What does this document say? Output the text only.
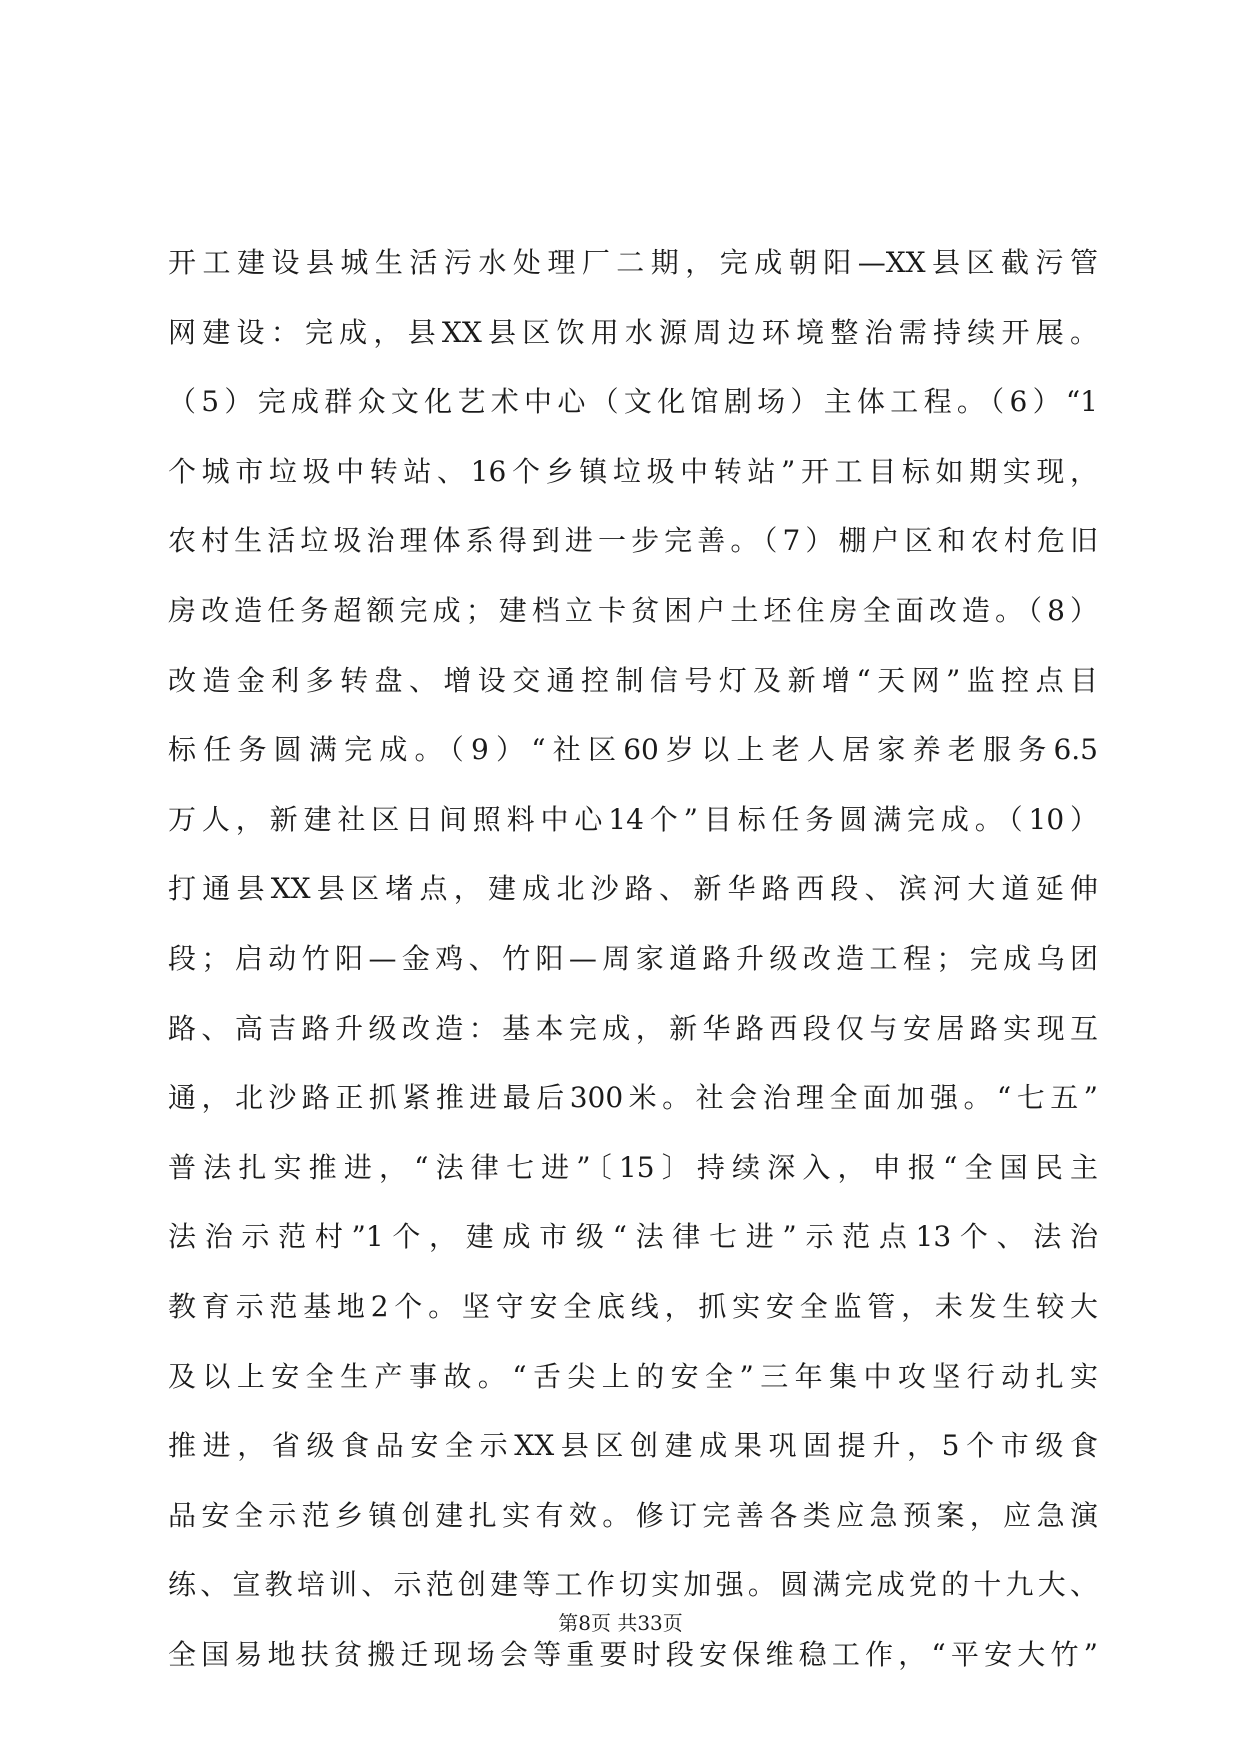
开工建设县城生活污水处理厂二期，完成朝阳—XX县区截污管
网建设：完成，县XX县区饮用水源周边环境整治需持续开展。
（5）完成群众文化艺术中心（文化馆剧场）主体工程。（6）“1
个城市垃圾中转站、16个乡镇垃圾中转站”开工目标如期实现，
农村生活垃圾治理体系得到进一步完善。（7）棚户区和农村危旧
房改造任务超额完成；建档立卡贫困户土坯住房全面改造。（8）
改造金利多转盘、增设交通控制信号灯及新增“天网”监控点目
标任务圆满完成。（9）“社区60岁以上老人居家养老服务6.5
万人，新建社区日间照料中心14个”目标任务圆满完成。（10）
打通县XX县区堵点，建成北沙路、新华路西段、滨河大道延伸
段；启动竹阳—金鸡、竹阳—周家道路升级改造工程；完成乌团
路、高吉路升级改造：基本完成，新华路西段仅与安居路实现互
通，北沙路正抓紧推进最后300米。社会治理全面加强。“七五”
普法扎实推进，“法律七进”〔15〕持续深入，申报“全国民主
法治示范村”1个，建成市级“法律七进”示范点13个、法治
教育示范基地2个。坚守安全底线，抓实安全监管，未发生较大
及以上安全生产事故。“舌尖上的安全”三年集中攻坚行动扎实
推进，省级食品安全示XX县区创建成果巩固提升，5个市级食
品安全示范乡镇创建扎实有效。修订完善各类应急预案，应急演
练、宣教培训、示范创建等工作切实加强。圆满完成党的十九大、
全国易地扶贫搬迁现场会等重要时段安保维稳工作，“平安大竹”
第8页 共33页
